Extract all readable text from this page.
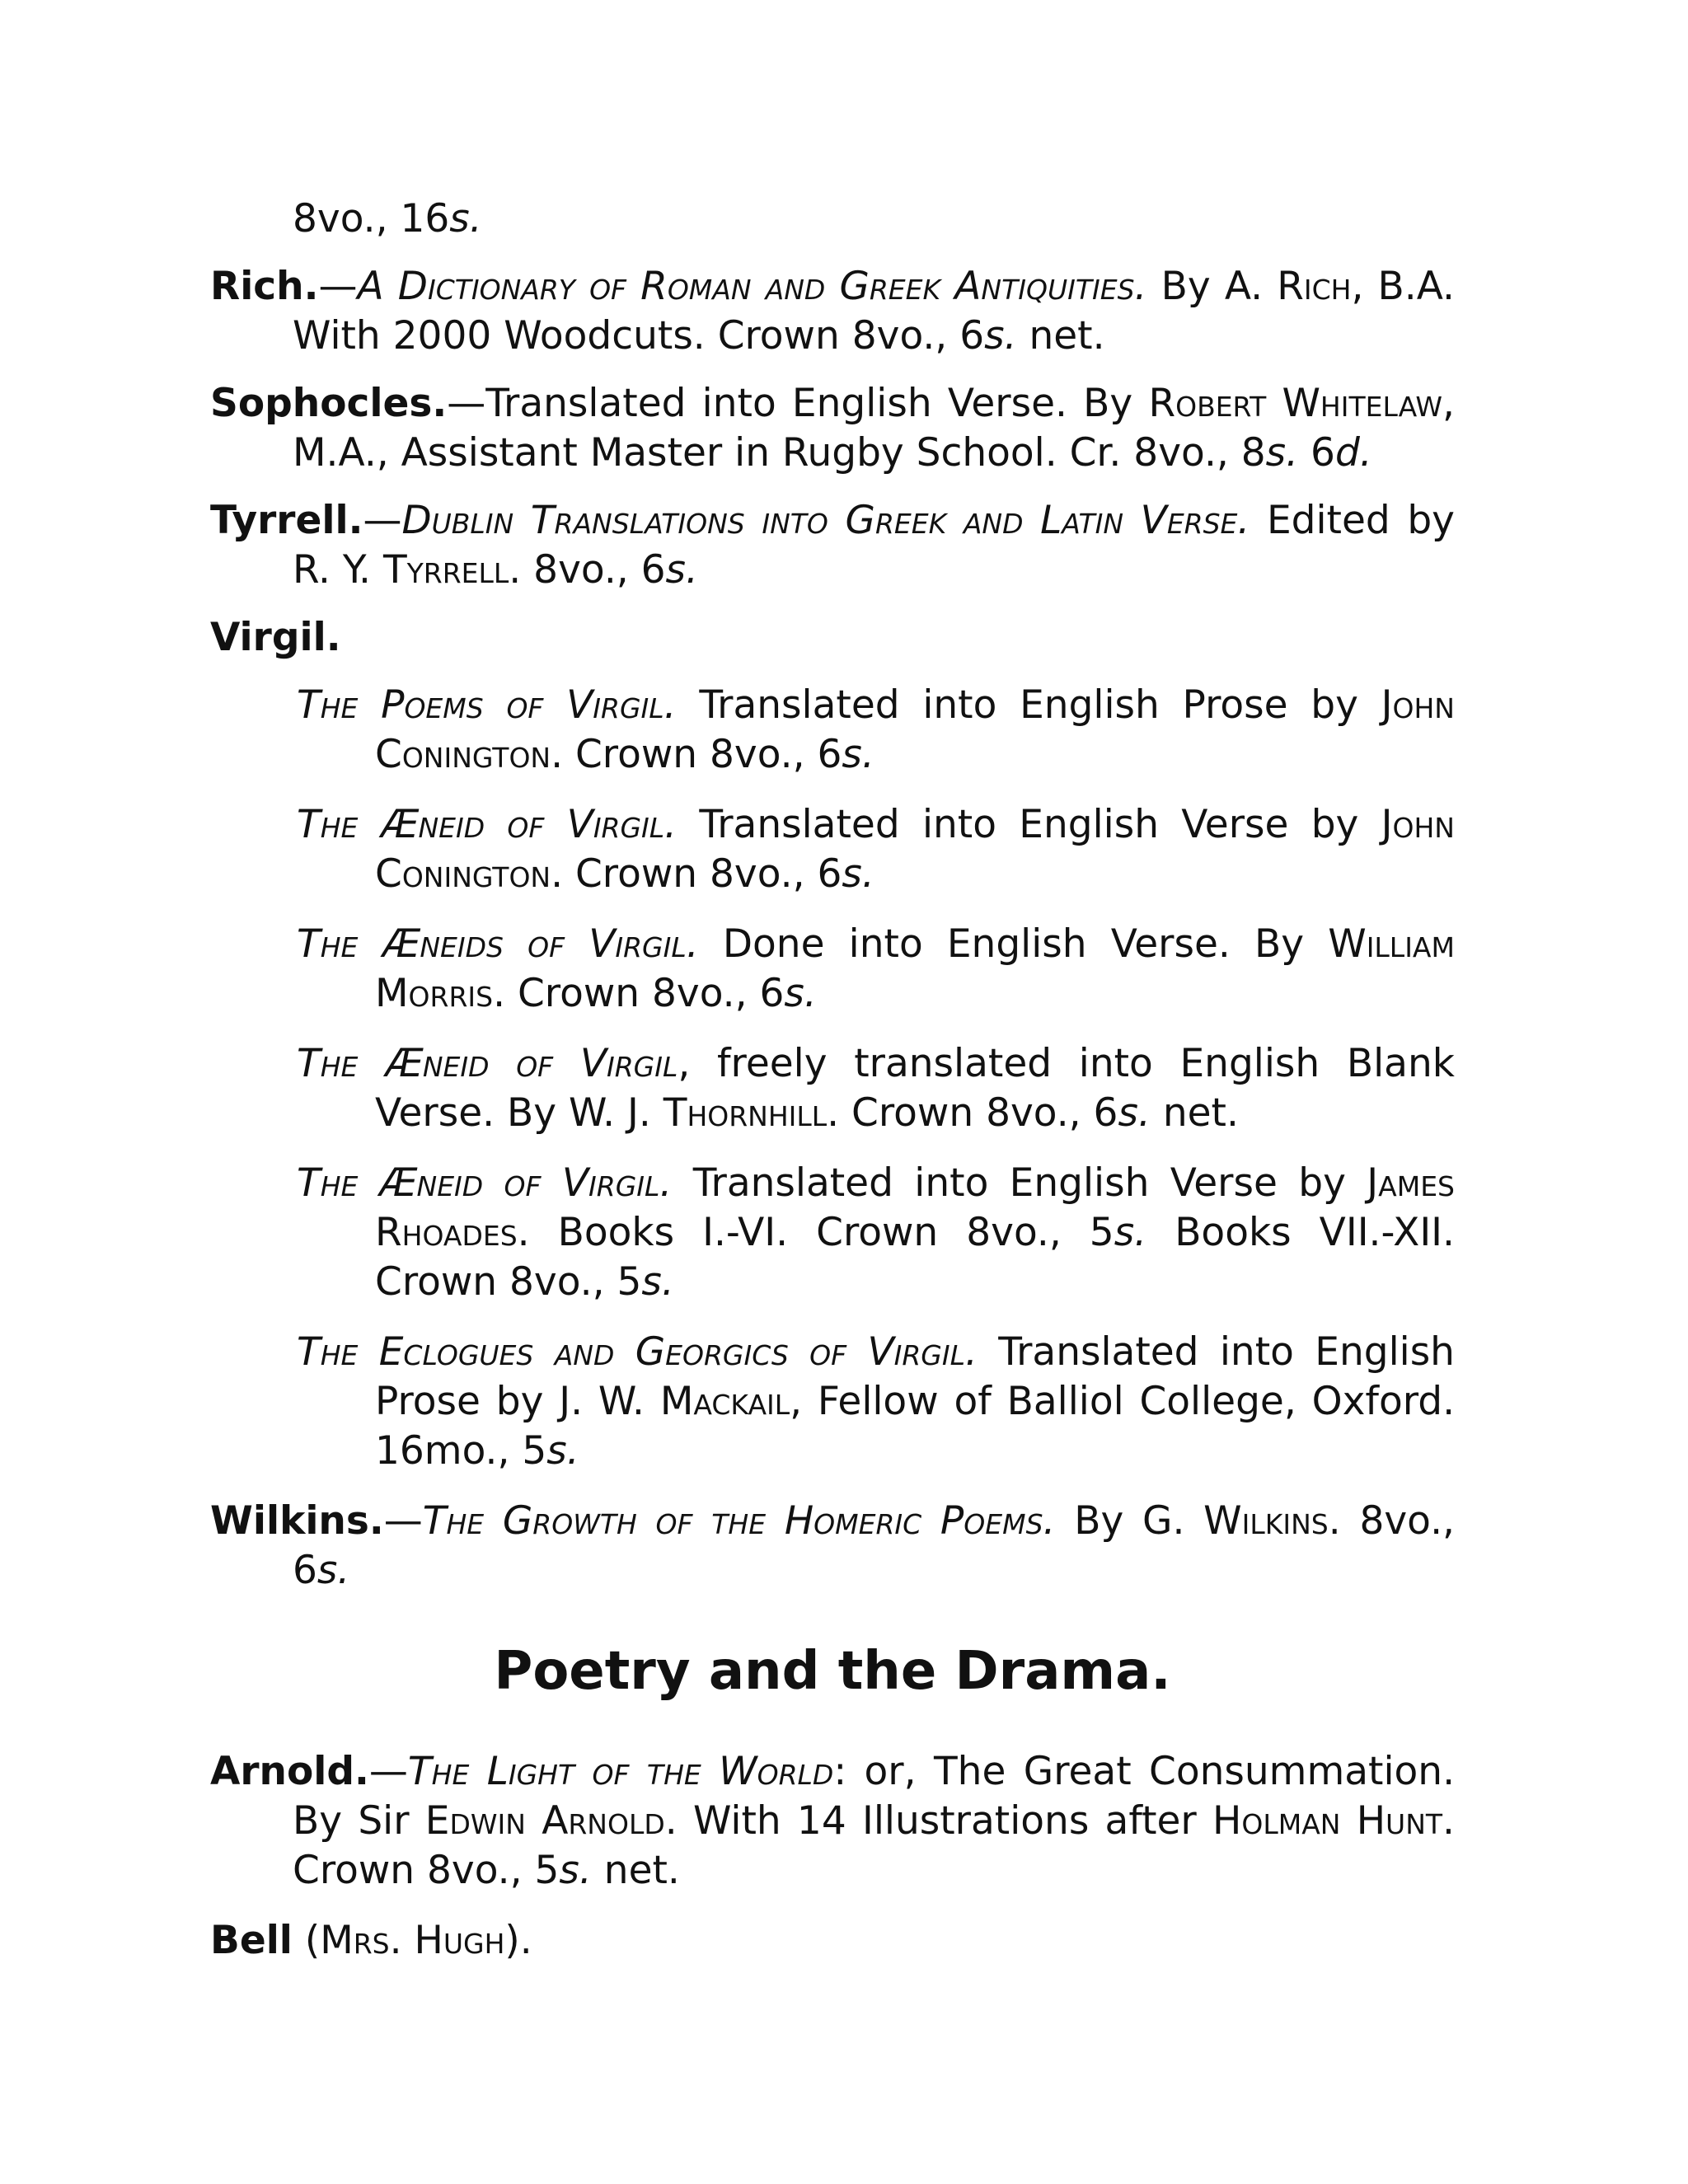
8vo., 16s.

Rich.—A Dictionary of Roman and Greek Antiquities. By A. Rich, B.A. With 2000 Woodcuts. Crown 8vo., 6s. net.

Sophocles.—Translated into English Verse. By Robert Whitelaw, M.A., Assistant Master in Rugby School. Cr. 8vo., 8s. 6d.

Tyrrell.—Dublin Translations into Greek and Latin Verse. Edited by R. Y. Tyrrell. 8vo., 6s.

Virgil.

The Poems of Virgil. Translated into English Prose by John Conington. Crown 8vo., 6s.
The Æneid of Virgil. Translated into English Verse by John Conington. Crown 8vo., 6s.
The Æneids of Virgil. Done into English Verse. By William Morris. Crown 8vo., 6s.
The Æneid of Virgil, freely translated into English Blank Verse. By W. J. Thornhill. Crown 8vo., 6s. net.
The Æneid of Virgil. Translated into English Verse by James Rhoades. Books I.-VI. Crown 8vo., 5s. Books VII.-XII. Crown 8vo., 5s.
The Eclogues and Georgics of Virgil. Translated into English Prose by J. W. Mackail, Fellow of Balliol College, Oxford. 16mo., 5s.

Wilkins.—The Growth of the Homeric Poems. By G. Wilkins. 8vo., 6s.

Poetry and the Drama.

Arnold.—The Light of the World: or, The Great Consummation. By Sir Edwin Arnold. With 14 Illustrations after Holman Hunt. Crown 8vo., 5s. net.

Bell (Mrs. Hugh).
